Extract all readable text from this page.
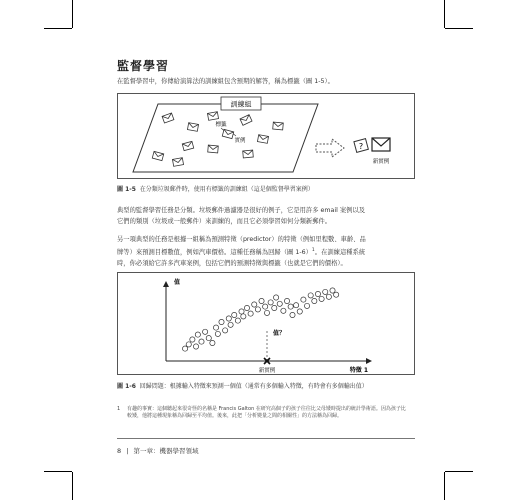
監督學習
在監督學習中，你傳給演算法的訓練組包含預期的解答，稱為標籤（圖 1-5）。
訓練組
標籤
實例
?
新實例
圖 1-5 在分類垃圾郵件時，使用有標籤的訓練組（這是個監督學習案例）
典型的監督學習任務是分類。垃圾郵件過濾器是很好的例子，它是用許多 email 案例以及
它們的類別（垃圾或一般郵件）來訓練的，而且它必須學習如何分類新郵件。
另一項典型的任務是根據一組稱為預測特徵（predictor）的特徵（例如里程數、車齡、品
牌等）來預測目標數值，例如汽車價格。這種任務稱為回歸（圖 1-6）$^1$。在訓練這種系統
時，你必須給它許多汽車案例，包括它們的預測特徵與標籤（也就是它們的價格）。
值
特徵 1
值？
新實例
圖 1-6 回歸問題：根據輸入特徵來預測一個值（通常有多個輸入特徵，有時會有多個輸出值）
1 有趣的事實：這個聽起來很奇怪的名稱是 Francis Galton 在研究高個子的孩子往往比父母矮時提出的統計學術語。因為孩子比較矮，他將這種現象稱為回歸至平均值。後來，此把「分析變量之間的相關性」的方法稱為回歸。
8 | 第一章：機器學習領域
